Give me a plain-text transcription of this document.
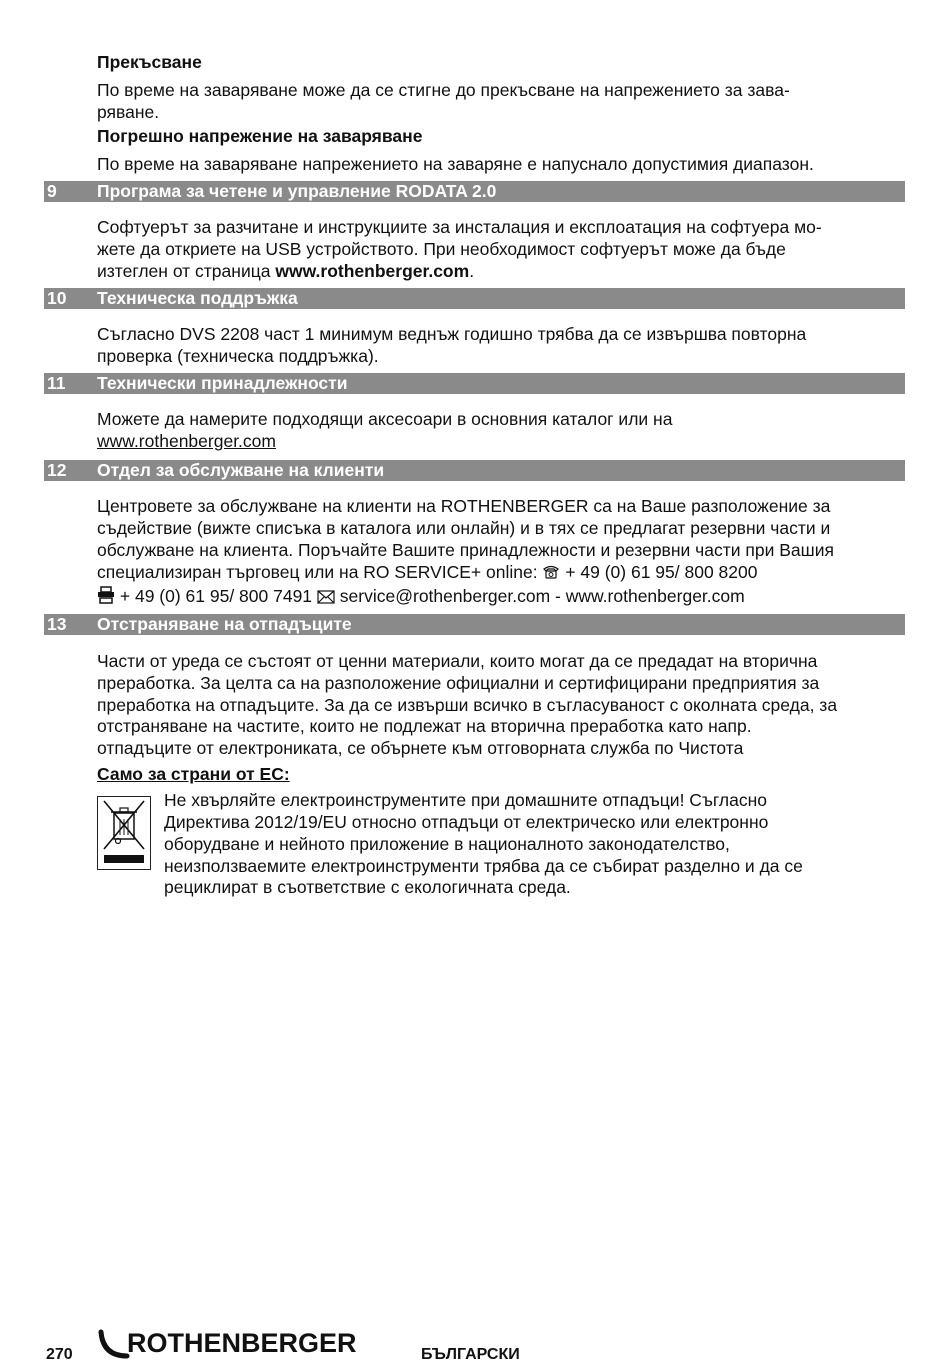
Прекъсване

По време на заваряване може да се стигне до прекъсване на напрежението за зава-

ряване.

Погрешно напрежение на заваряване

По време на заваряване напрежението на заваряне е напуснало допустимия диапазон.

9 Програма за четене и управление RODATA 2.0

Софтуерът за разчитане и инструкциите за инсталация и експлоатация на софтуера мо-

жете да откриете на USB устройството. При необходимост софтуерът може да бъде

изтеглен от страница www.rothenberger.com.

10 Техническа поддръжка

Съгласно DVS 2208 част 1 минимум веднъж годишно трябва да се извършва повторна

проверка (техническа поддръжка).

11 Технически принадлежности

Можете да намерите подходящи аксесоари в основния каталог или на

www.rothenberger.com

12 Отдел за обслужване на клиенти

Центровете за обслужване на клиенти на ROTHENBERGER са на Ваше разположение за

съдействие (вижте списъка в каталога или онлайн) и в тях се предлагат резервни части и

обслужване на клиента. Поръчайте Вашите принадлежности и резервни части при Вашия

специализиран търговец или на RO SERVICE+ online: + 49 (0) 61 95/ 800 8200

+ 49 (0) 61 95/ 800 7491 service@rothenberger.com - www.rothenberger.com

13 Отстраняване на отпадъците

Части от уреда се състоят от ценни материали, които могат да се предадат на вторична

преработка. За целта са на разположение официални и сертифицирани предприятия за

преработка на отпадъците. За да се извърши всичко в съгласуваност с околната среда, за

отстраняване на частите, които не подлежат на вторична преработка като напр.

отпадъците от електрониката, се обърнете към отговорната служба по Чистота

Само за страни от ЕС:

Не хвърляйте електроинструментите при домашните отпадъци! Съгласно

Директива 2012/19/EU относно отпадъци от електрическо или електронно

оборудване и нейното приложение в националното законодателство,

неизползваемите електроинструменти трябва да се събират разделно и да се

рециклират в съответствие с екологичната среда.

270 ROTHENBERGER	БЪЛГАРСКИ
